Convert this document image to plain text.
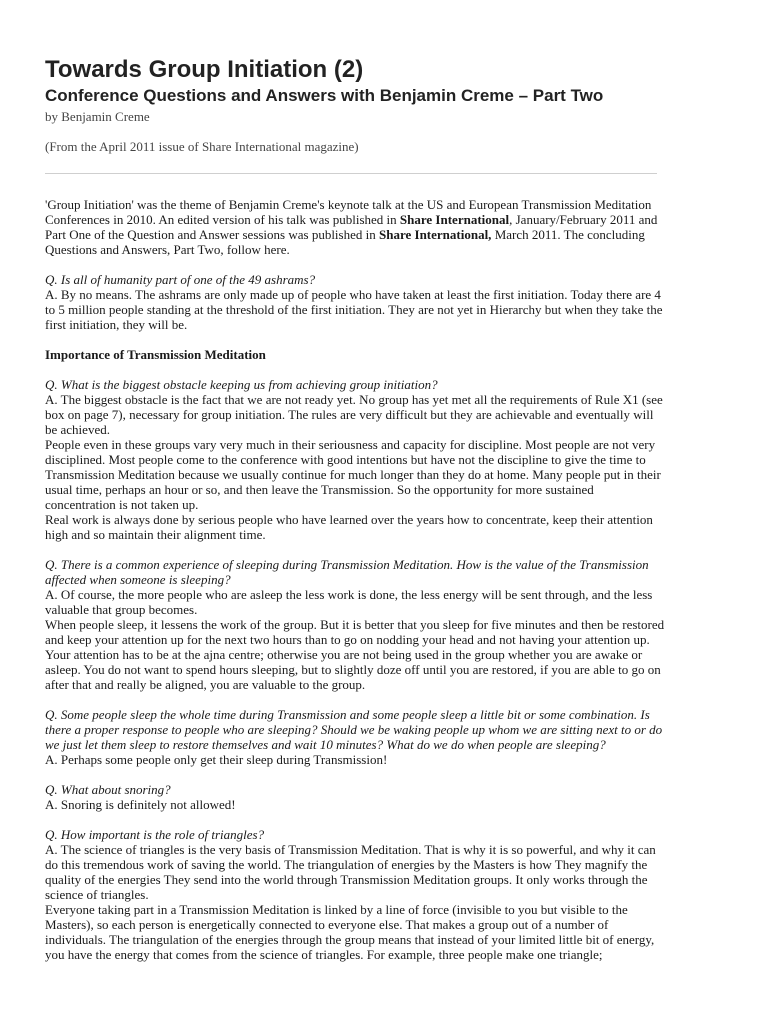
Towards Group Initiation (2)
Conference Questions and Answers with Benjamin Creme – Part Two
by Benjamin Creme
(From the April 2011 issue of Share International magazine)

'Group Initiation' was the theme of Benjamin Creme's keynote talk at the US and European Transmission Meditation Conferences in 2010. An edited version of his talk was published in Share International, January/February 2011 and Part One of the Question and Answer sessions was published in Share International, March 2011. The concluding Questions and Answers, Part Two, follow here.

Q. Is all of humanity part of one of the 49 ashrams?
A. By no means. The ashrams are only made up of people who have taken at least the first initiation. Today there are 4 to 5 million people standing at the threshold of the first initiation. They are not yet in Hierarchy but when they take the first initiation, they will be.

Importance of Transmission Meditation

Q. What is the biggest obstacle keeping us from achieving group initiation?
A. The biggest obstacle is the fact that we are not ready yet. No group has yet met all the requirements of Rule X1 (see box on page 7), necessary for group initiation. The rules are very difficult but they are achievable and eventually will be achieved.
People even in these groups vary very much in their seriousness and capacity for discipline. Most people are not very disciplined. Most people come to the conference with good intentions but have not the discipline to give the time to Transmission Meditation because we usually continue for much longer than they do at home. Many people put in their usual time, perhaps an hour or so, and then leave the Transmission. So the opportunity for more sustained concentration is not taken up.
Real work is always done by serious people who have learned over the years how to concentrate, keep their attention high and so maintain their alignment time.

Q. There is a common experience of sleeping during Transmission Meditation. How is the value of the Transmission affected when someone is sleeping?
A. Of course, the more people who are asleep the less work is done, the less energy will be sent through, and the less valuable that group becomes.
When people sleep, it lessens the work of the group. But it is better that you sleep for five minutes and then be restored and keep your attention up for the next two hours than to go on nodding your head and not having your attention up. Your attention has to be at the ajna centre; otherwise you are not being used in the group whether you are awake or asleep. You do not want to spend hours sleeping, but to slightly doze off until you are restored, if you are able to go on after that and really be aligned, you are valuable to the group.

Q. Some people sleep the whole time during Transmission and some people sleep a little bit or some combination. Is there a proper response to people who are sleeping? Should we be waking people up whom we are sitting next to or do we just let them sleep to restore themselves and wait 10 minutes? What do we do when people are sleeping?
A. Perhaps some people only get their sleep during Transmission!

Q. What about snoring?
A. Snoring is definitely not allowed!

Q. How important is the role of triangles?
A. The science of triangles is the very basis of Transmission Meditation. That is why it is so powerful, and why it can do this tremendous work of saving the world. The triangulation of energies by the Masters is how They magnify the quality of the energies They send into the world through Transmission Meditation groups. It only works through the science of triangles.
Everyone taking part in a Transmission Meditation is linked by a line of force (invisible to you but visible to the Masters), so each person is energetically connected to everyone else. That makes a group out of a number of individuals. The triangulation of the energies through the group means that instead of your limited little bit of energy, you have the energy that comes from the science of triangles. For example, three people make one triangle;
